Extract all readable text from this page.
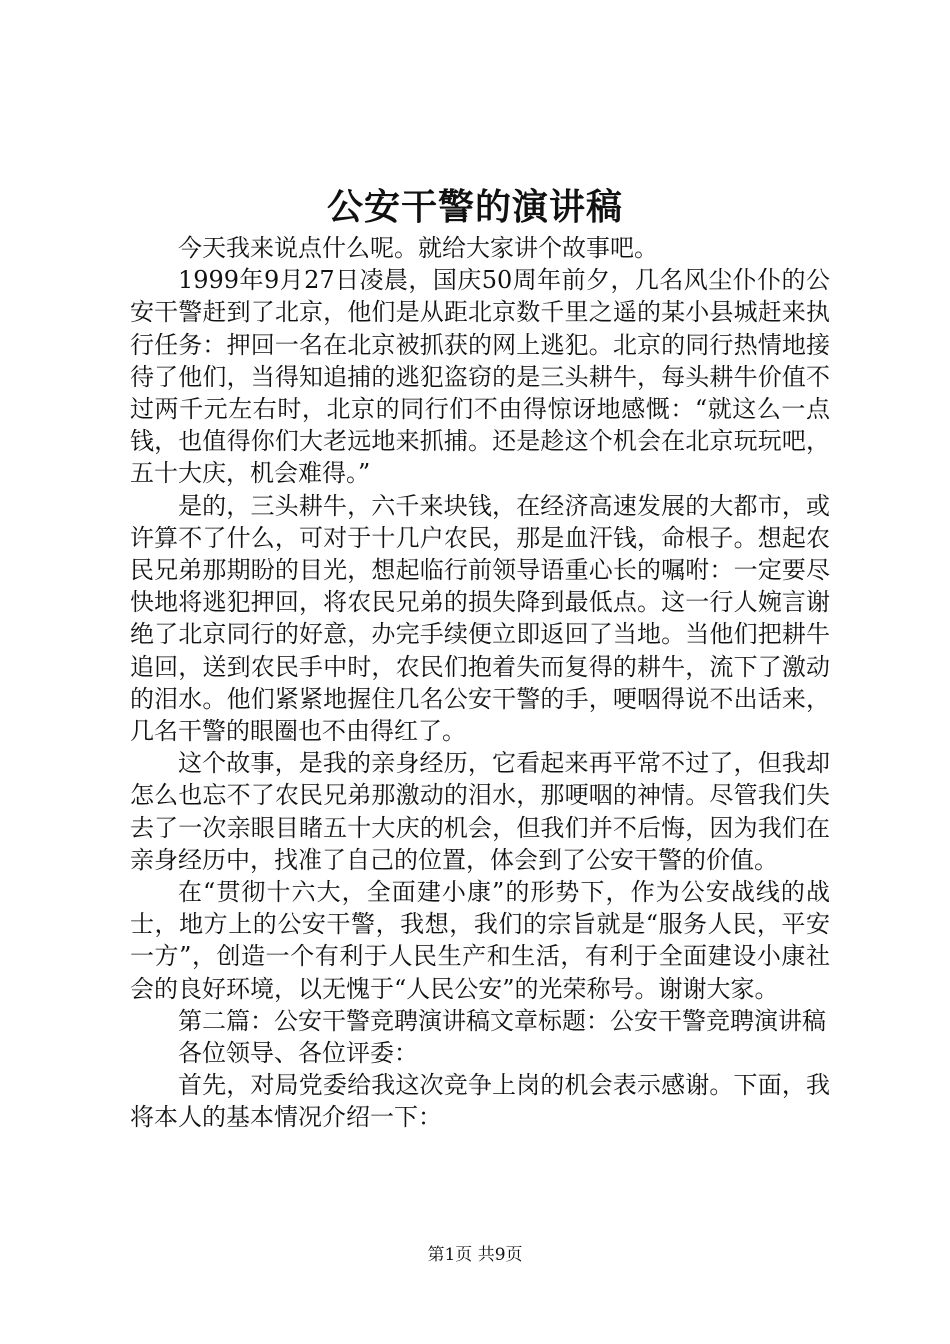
公安干警的演讲稿

今天我来说点什么呢。就给大家讲个故事吧。

1999年9月27日凌晨，国庆50周年前夕，几名风尘仆仆的公安干警赶到了北京，他们是从距北京数千里之遥的某小县城赶来执行任务：押回一名在北京被抓获的网上逃犯。北京的同行热情地接待了他们，当得知追捕的逃犯盗窃的是三头耕牛，每头耕牛价值不过两千元左右时，北京的同行们不由得惊讶地感慨：“就这么一点钱，也值得你们大老远地来抓捕。还是趁这个机会在北京玩玩吧，五十大庆，机会难得。”

是的，三头耕牛，六千来块钱，在经济高速发展的大都市，或许算不了什么，可对于十几户农民，那是血汗钱，命根子。想起农民兄弟那期盼的目光，想起临行前领导语重心长的嘱咐：一定要尽快地将逃犯押回，将农民兄弟的损失降到最低点。这一行人婉言谢绝了北京同行的好意，办完手续便立即返回了当地。当他们把耕牛追回，送到农民手中时，农民们抱着失而复得的耕牛，流下了激动的泪水。他们紧紧地握住几名公安干警的手，哽咽得说不出话来，几名干警的眼圈也不由得红了。

这个故事，是我的亲身经历，它看起来再平常不过了，但我却怎么也忘不了农民兄弟那激动的泪水，那哽咽的神情。尽管我们失去了一次亲眼目睹五十大庆的机会，但我们并不后悔，因为我们在亲身经历中，找准了自己的位置，体会到了公安干警的价值。

在“贯彻十六大，全面建小康”的形势下，作为公安战线的战士，地方上的公安干警，我想，我们的宗旨就是“服务人民，平安一方”，创造一个有利于人民生产和生活，有利于全面建设小康社会的良好环境，以无愧于“人民公安”的光荣称号。谢谢大家。

第二篇：公安干警竞聘演讲稿文章标题：公安干警竞聘演讲稿

各位领导、各位评委：

首先，对局党委给我这次竞争上岗的机会表示感谢。下面，我将本人的基本情况介绍一下：

第1页 共9页
